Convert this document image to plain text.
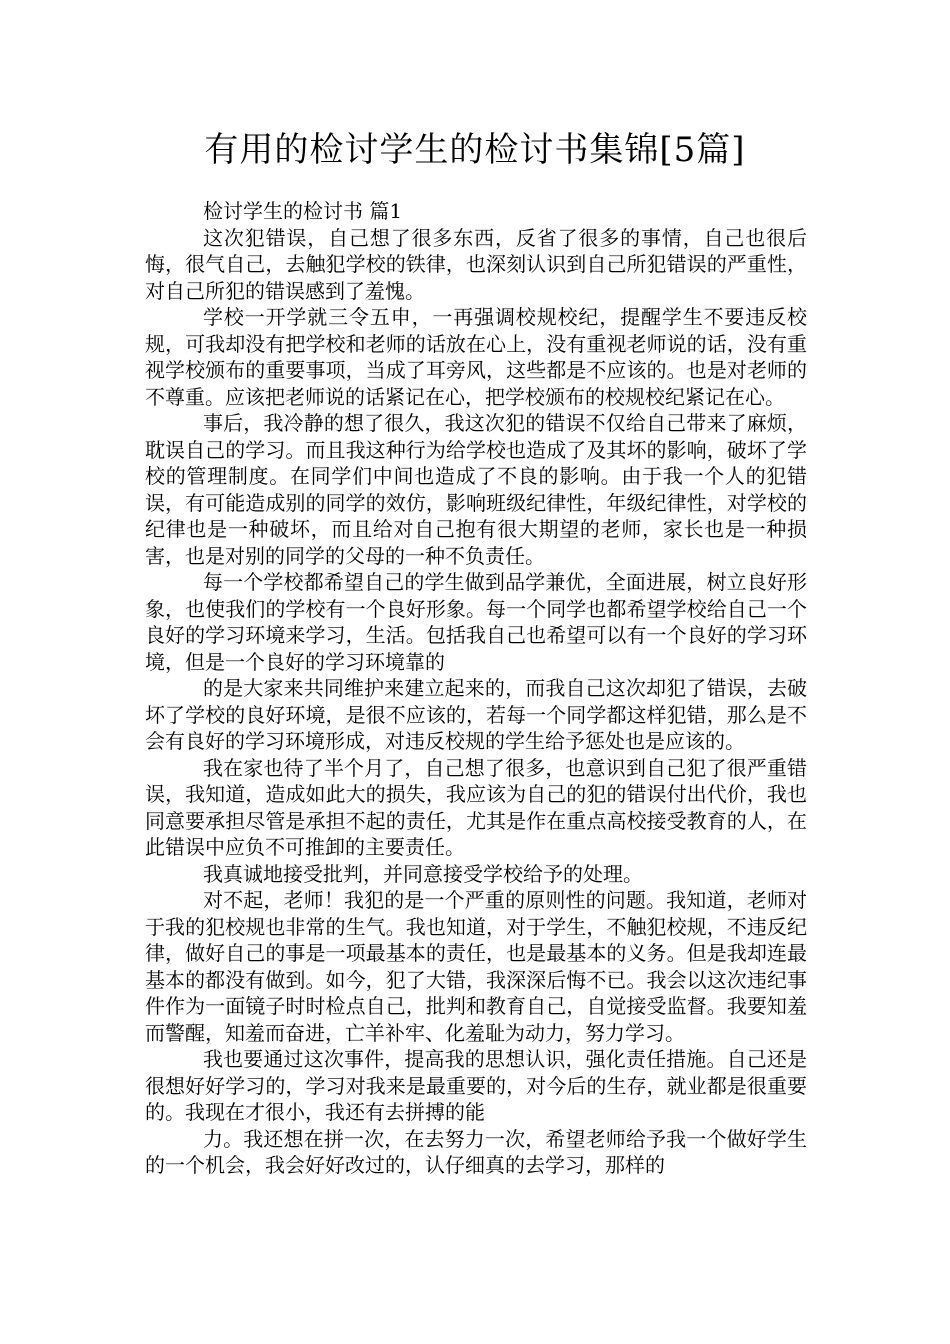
有用的检讨学生的检讨书集锦[5篇]

检讨学生的检讨书 篇1

这次犯错误，自己想了很多东西，反省了很多的事情，自己也很后悔，很气自己，去触犯学校的铁律，也深刻认识到自己所犯错误的严重性，对自己所犯的错误感到了羞愧。

学校一开学就三令五申，一再强调校规校纪，提醒学生不要违反校规，可我却没有把学校和老师的话放在心上，没有重视老师说的话，没有重视学校颁布的重要事项，当成了耳旁风，这些都是不应该的。也是对老师的不尊重。应该把老师说的话紧记在心，把学校颁布的校规校纪紧记在心。

事后，我冷静的想了很久，我这次犯的错误不仅给自己带来了麻烦，耽误自己的学习。而且我这种行为给学校也造成了及其坏的影响，破坏了学校的管理制度。在同学们中间也造成了不良的影响。由于我一个人的犯错误，有可能造成别的同学的效仿，影响班级纪律性，年级纪律性，对学校的纪律也是一种破坏，而且给对自己抱有很大期望的老师，家长也是一种损害，也是对别的同学的父母的一种不负责任。

每一个学校都希望自己的学生做到品学兼优，全面进展，树立良好形象，也使我们的学校有一个良好形象。每一个同学也都希望学校给自己一个良好的学习环境来学习，生活。包括我自己也希望可以有一个良好的学习环境，但是一个良好的学习环境靠的

的是大家来共同维护来建立起来的，而我自己这次却犯了错误，去破坏了学校的良好环境，是很不应该的，若每一个同学都这样犯错，那么是不会有良好的学习环境形成，对违反校规的学生给予惩处也是应该的。

我在家也待了半个月了，自己想了很多，也意识到自己犯了很严重错误，我知道，造成如此大的损失，我应该为自己的犯的错误付出代价，我也同意要承担尽管是承担不起的责任，尤其是作在重点高校接受教育的人，在此错误中应负不可推卸的主要责任。

我真诚地接受批判，并同意接受学校给予的处理。

对不起，老师！我犯的是一个严重的原则性的问题。我知道，老师对于我的犯校规也非常的生气。我也知道，对于学生，不触犯校规，不违反纪律，做好自己的事是一项最基本的责任，也是最基本的义务。但是我却连最基本的都没有做到。如今，犯了大错，我深深后悔不已。我会以这次违纪事件作为一面镜子时时检点自己，批判和教育自己，自觉接受监督。我要知羞而警醒，知羞而奋进，亡羊补牢、化羞耻为动力，努力学习。

我也要通过这次事件，提高我的思想认识，强化责任措施。自己还是很想好好学习的，学习对我来是最重要的，对今后的生存，就业都是很重要的。我现在才很小，我还有去拼搏的能

力。我还想在拼一次，在去努力一次，希望老师给予我一个做好学生的一个机会，我会好好改过的，认仔细真的去学习，那样的
